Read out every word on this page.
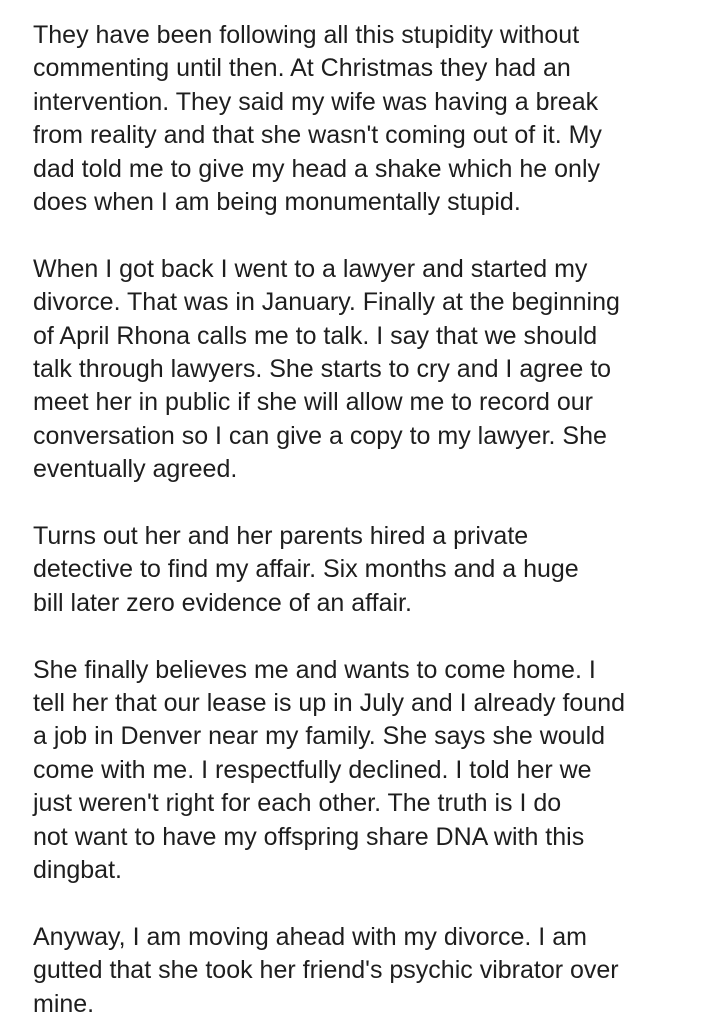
They have been following all this stupidity without
commenting until then. At Christmas they had an
intervention. They said my wife was having a break
from reality and that she wasn't coming out of it. My
dad told me to give my head a shake which he only
does when I am being monumentally stupid.

When I got back I went to a lawyer and started my
divorce. That was in January. Finally at the beginning
of April Rhona calls me to talk. I say that we should
talk through lawyers. She starts to cry and I agree to
meet her in public if she will allow me to record our
conversation so I can give a copy to my lawyer. She
eventually agreed.

Turns out her and her parents hired a private
detective to find my affair. Six months and a huge
bill later zero evidence of an affair.

She finally believes me and wants to come home. I
tell her that our lease is up in July and I already found
a job in Denver near my family. She says she would
come with me. I respectfully declined. I told her we
just weren't right for each other. The truth is I do
not want to have my offspring share DNA with this
dingbat.

Anyway, I am moving ahead with my divorce. I am
gutted that she took her friend's psychic vibrator over
mine.
